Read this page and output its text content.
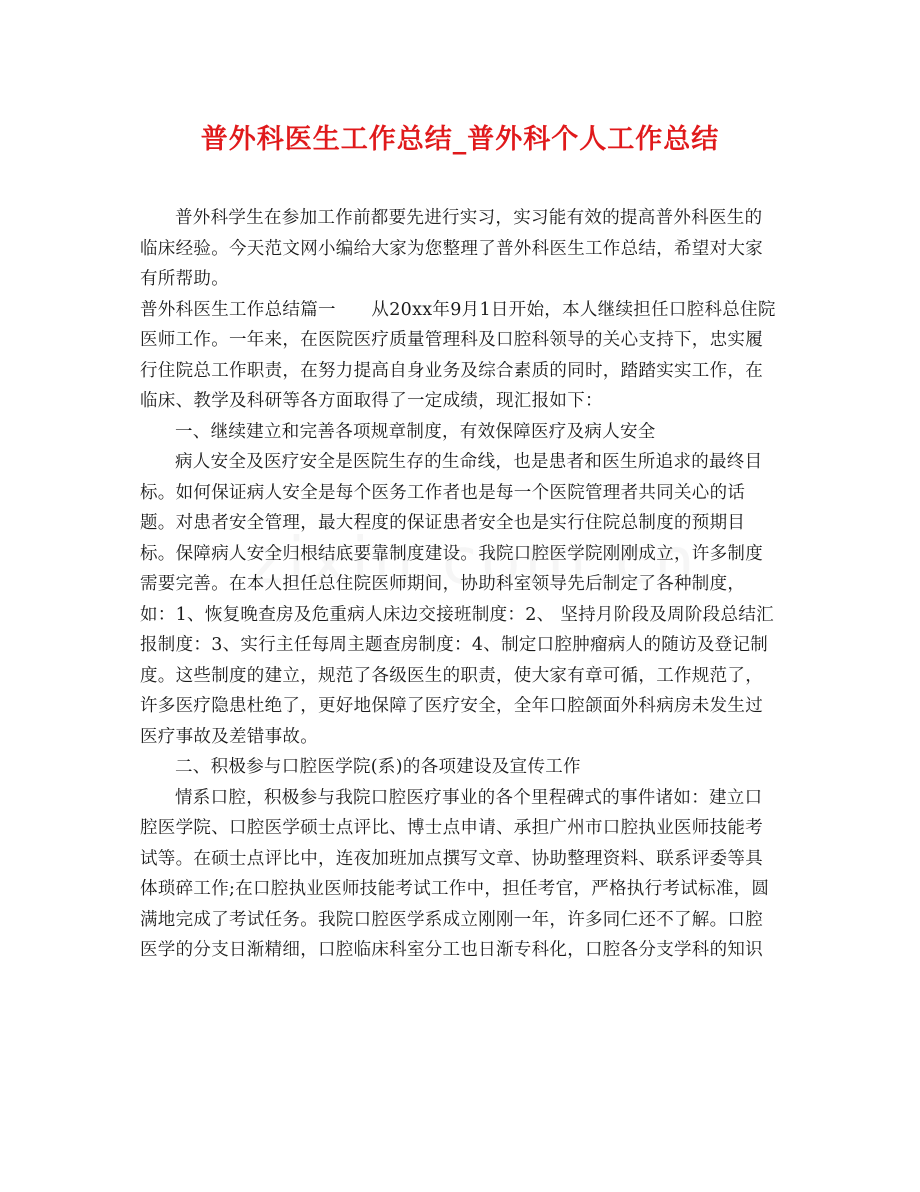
普外科医生工作总结_普外科个人工作总结

普外科学生在参加工作前都要先进行实习，实习能有效的提高普外科医生的临床经验。今天范文网小编给大家为您整理了普外科医生工作总结，希望对大家有所帮助。

普外科医生工作总结篇一　　从20xx年9月1日开始，本人继续担任口腔科总住院医师工作。一年来，在医院医疗质量管理科及口腔科领导的关心支持下，忠实履行住院总工作职责，在努力提高自身业务及综合素质的同时，踏踏实实工作，在临床、教学及科研等各方面取得了一定成绩，现汇报如下：

一、继续建立和完善各项规章制度，有效保障医疗及病人安全

病人安全及医疗安全是医院生存的生命线，也是患者和医生所追求的最终目标。如何保证病人安全是每个医务工作者也是每一个医院管理者共同关心的话题。对患者安全管理，最大程度的保证患者安全也是实行住院总制度的预期目标。保障病人安全归根结底要靠制度建设。我院口腔医学院刚刚成立，许多制度需要完善。在本人担任总住院医师期间，协助科室领导先后制定了各种制度，如：1、恢复晚查房及危重病人床边交接班制度：2、 坚持月阶段及周阶段总结汇报制度：3、实行主任每周主题查房制度：4、制定口腔肿瘤病人的随访及登记制度。这些制度的建立，规范了各级医生的职责，使大家有章可循，工作规范了，许多医疗隐患杜绝了，更好地保障了医疗安全，全年口腔颌面外科病房未发生过医疗事故及差错事故。

二、积极参与口腔医学院(系)的各项建设及宣传工作

情系口腔，积极参与我院口腔医疗事业的各个里程碑式的事件诸如：建立口腔医学院、口腔医学硕士点评比、博士点申请、承担广州市口腔执业医师技能考试等。在硕士点评比中，连夜加班加点撰写文章、协助整理资料、联系评委等具体琐碎工作;在口腔执业医师技能考试工作中，担任考官，严格执行考试标准，圆满地完成了考试任务。我院口腔医学系成立刚刚一年，许多同仁还不了解。口腔医学的分支日渐精细，口腔临床科室分工也日渐专科化，口腔各分支学科的知识
